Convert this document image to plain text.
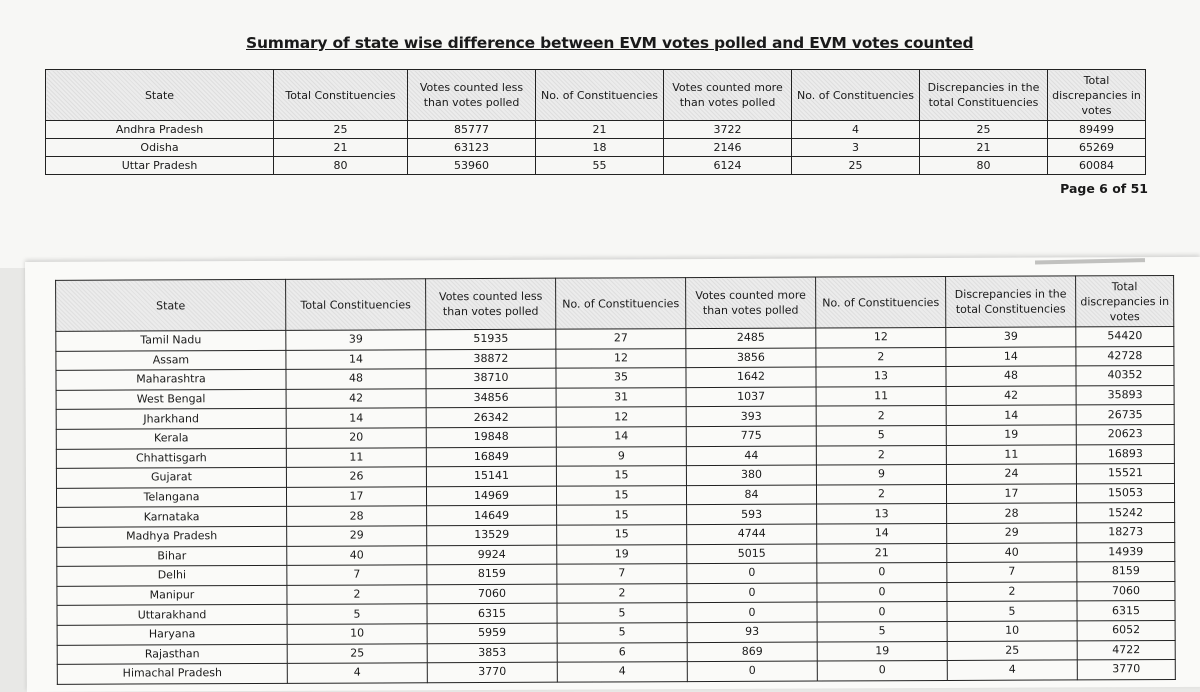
Summary of state wise difference between EVM votes polled and EVM votes counted
State	Total Constituencies	Votes counted less than votes polled	No. of Constituencies	Votes counted more than votes polled	No. of Constituencies	Discrepancies in the total Constituencies	Total discrepancies in votes
Andhra Pradesh	25	85777	21	3722	4	25	89499
Odisha	21	63123	18	2146	3	21	65269
Uttar Pradesh	80	53960	55	6124	25	80	60084
Page 6 of 51
State	Total Constituencies	Votes counted less than votes polled	No. of Constituencies	Votes counted more than votes polled	No. of Constituencies	Discrepancies in the total Constituencies	Total discrepancies in votes
Tamil Nadu	39	51935	27	2485	12	39	54420
Assam	14	38872	12	3856	2	14	42728
Maharashtra	48	38710	35	1642	13	48	40352
West Bengal	42	34856	31	1037	11	42	35893
Jharkhand	14	26342	12	393	2	14	26735
Kerala	20	19848	14	775	5	19	20623
Chhattisgarh	11	16849	9	44	2	11	16893
Gujarat	26	15141	15	380	9	24	15521
Telangana	17	14969	15	84	2	17	15053
Karnataka	28	14649	15	593	13	28	15242
Madhya Pradesh	29	13529	15	4744	14	29	18273
Bihar	40	9924	19	5015	21	40	14939
Delhi	7	8159	7	0	0	7	8159
Manipur	2	7060	2	0	0	2	7060
Uttarakhand	5	6315	5	0	0	5	6315
Haryana	10	5959	5	93	5	10	6052
Rajasthan	25	3853	6	869	19	25	4722
Himachal Pradesh	4	3770	4	0	0	4	3770
